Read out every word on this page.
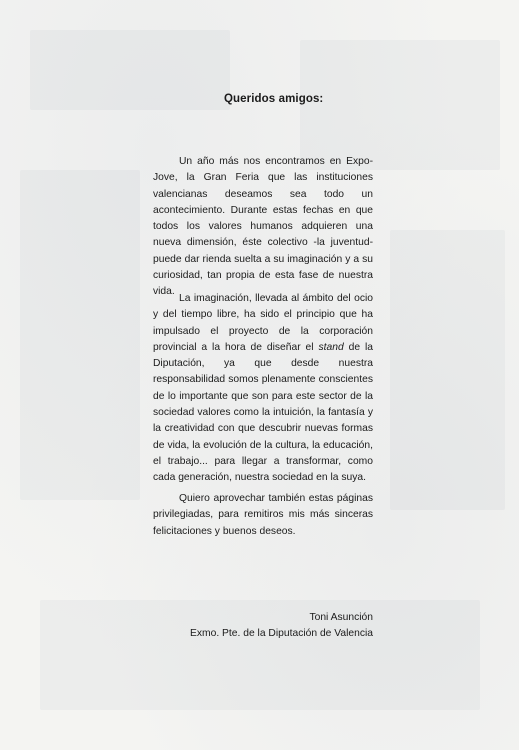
Queridos amigos:

Un año más nos encontramos en Expo-Jove, la Gran Feria que las instituciones valencianas deseamos sea todo un acontecimiento. Durante estas fechas en que todos los valores humanos adquieren una nueva dimensión, éste colectivo -la juventud- puede dar rienda suelta a su imaginación y a su curiosidad, tan propia de esta fase de nuestra vida.

La imaginación, llevada al ámbito del ocio y del tiempo libre, ha sido el principio que ha impulsado el proyecto de la corporación provincial a la hora de diseñar el stand de la Diputación, ya que desde nuestra responsabilidad somos plenamente conscientes de lo importante que son para este sector de la sociedad valores como la intuición, la fantasía y la creatividad con que descubrir nuevas formas de vida, la evolución de la cultura, la educación, el trabajo... para llegar a transformar, como cada generación, nuestra sociedad en la suya.

Quiero aprovechar también estas páginas privilegiadas, para remitiros mis más sinceras felicitaciones y buenos deseos.

Toni Asunción
Exmo. Pte. de la Diputación de Valencia
